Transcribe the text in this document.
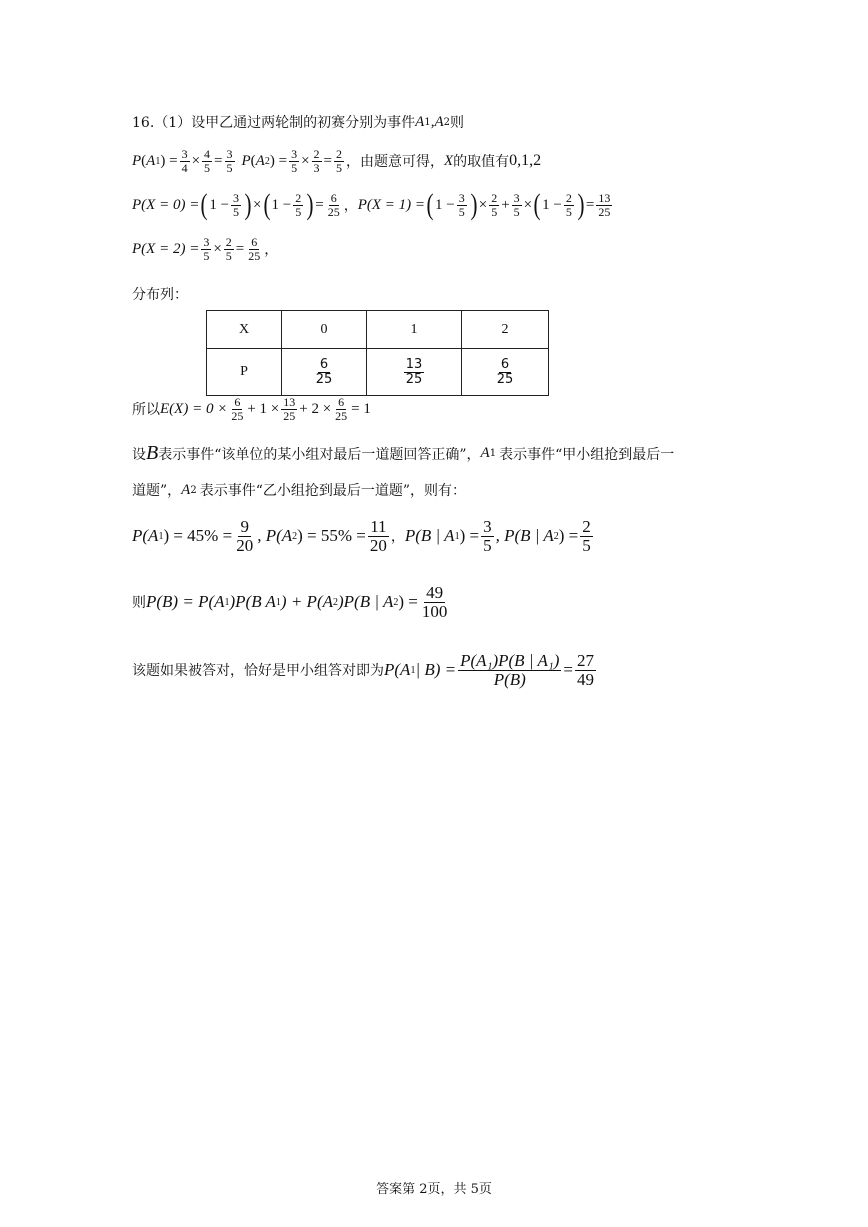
16.（1）设甲乙通过两轮制的初赛分别为事件 A 1 , A 2 则
P ( A 1 ) = $\frac{3}{4} \times \frac{4}{5} = \frac{3}{5}$ P ( A 2 ) = $\frac{3}{5} \times \frac{2}{3} = \frac{2}{5}$ ，由题意可得， X 的取值有 0,1,2
P(X = 0) = ( $1 - \frac{3}{5}$ ) × ( $1 - \frac{2}{5}$ ) = $\frac{6}{25}$ ， P(X = 1) = ( $1 - \frac{3}{5}$ ) × $\frac{2}{5} + \frac{3}{5}$ × ( $1 - \frac{2}{5}$ ) = $\frac{13}{25}$
$P(X = 2) = \frac{3}{5} \times \frac{2}{5} = \frac{6}{25}$ ，
分布列：
X	0	1	2
P	$\frac{6}{25}$	$\frac{13}{25}$	$\frac{6}{25}$
所以 $E(X) = 0 \times \frac{6}{25} + 1 \times \frac{13}{25} + 2 \times \frac{6}{25} = 1$
设 B 表示事件“该单位的某小组对最后一道题回答正确”， A 1 表示事件“甲小组抢到最后一
道题”， A 2 表示事件“乙小组抢到最后一道题”，则有：
P(A 1 ) = $45\% = \frac{9}{20}$ , P(A 2 ) = $55\% = \frac{11}{20}$ ， P(B | A 1 ) = $\frac{3}{5}$ , P(B | A 2 ) = $\frac{2}{5}$
则 P(B) = P(A 1 )P(B A 1 ) + P(A 2 )P(B | A 2 ) = $\frac{49}{100}$
该题如果被答对，恰好是甲小组答对即为 P(A 1 | $B) = \frac{\text{P(A₁)P(B | A₁)}}{P(B)} = \frac{27}{49}$
答案第 2页，共 5页
